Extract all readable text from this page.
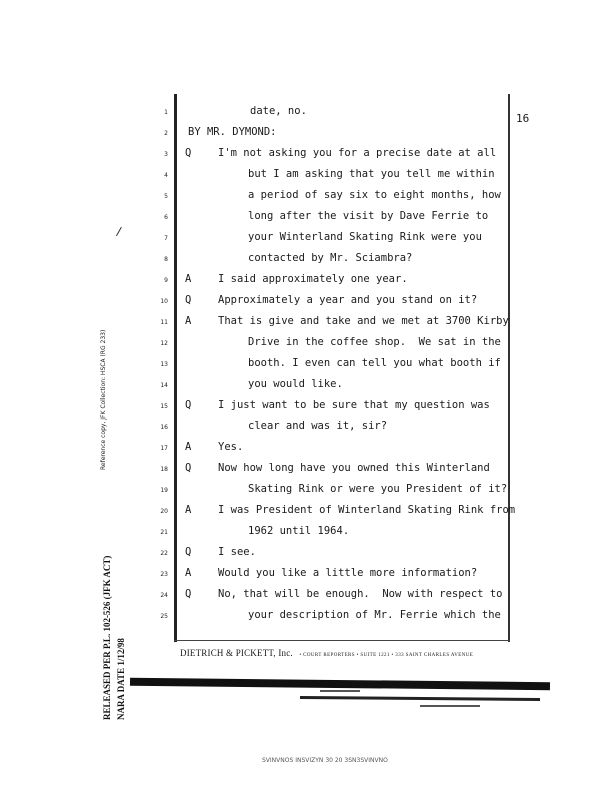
16
1	date, no.
2 BY MR. DYMOND:
3 Q	I'm not asking you for a precise date at all
4	but I am asking that you tell me within
5	a period of say six to eight months, how
6	long after the visit by Dave Ferrie to
7	your Winterland Skating Rink were you
8	contacted by Mr. Sciambra?
9 A	I said approximately one year.
10 Q	Approximately a year and you stand on it?
11 A	That is give and take and we met at 3700 Kirby
12	Drive in the coffee shop.  We sat in the
13	booth. I even can tell you what booth if
14	you would like.
15 Q	I just want to be sure that my question was
16	clear and was it, sir?
17 A	Yes.
18 Q	Now how long have you owned this Winterland
19	Skating Rink or were you President of it?
20 A	I was President of Winterland Skating Rink from
21	1962 until 1964.
22 Q	I see.
23 A	Would you like a little more information?
24 Q	No, that will be enough.  Now with respect to
25	your description of Mr. Ferrie which the
DIETRICH & PICKETT, Inc. • COURT REPORTERS • SUITE 1221 • 333 SAINT CHARLES AVENUE
Reference copy, JFK Collection: HSCA (RG 233)
RELEASED PER P.L. 102-526 (JFK ACT) NARA DATE 1/12/98
SVINVNOS INSVIZYN 30 20 3SN3SVINVNO
